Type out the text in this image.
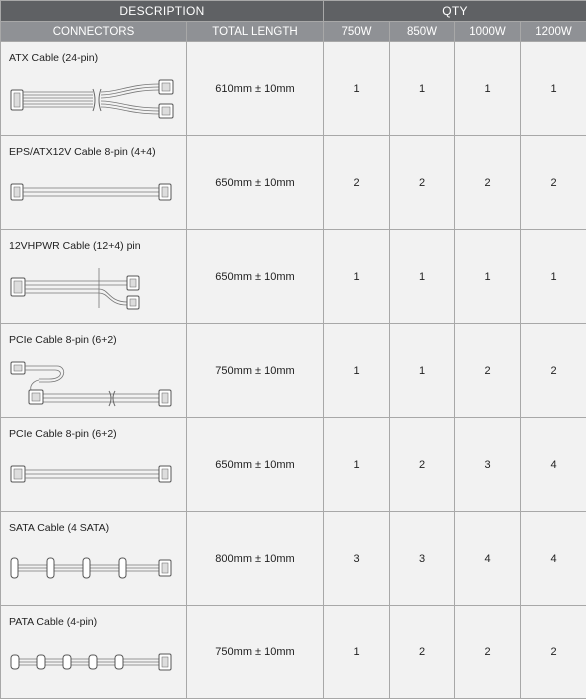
DESCRIPTION		QTY			
CONNECTORS	TOTAL LENGTH	750W	850W	1000W	1200W

ATX Cable (24-pin)	610mm ± 10mm	1	1	1	1

EPS/ATX12V Cable 8-pin (4+4)	650mm ± 10mm	2	2	2	2

12VHPWR Cable (12+4) pin	650mm ± 10mm	1	1	1	1

PCIe Cable 8-pin (6+2)	750mm ± 10mm	1	1	2	2

PCIe Cable 8-pin (6+2)	650mm ± 10mm	1	2	3	4

SATA Cable (4 SATA)	800mm ± 10mm	3	3	4	4

PATA Cable (4-pin)	750mm ± 10mm	1	2	2	2
